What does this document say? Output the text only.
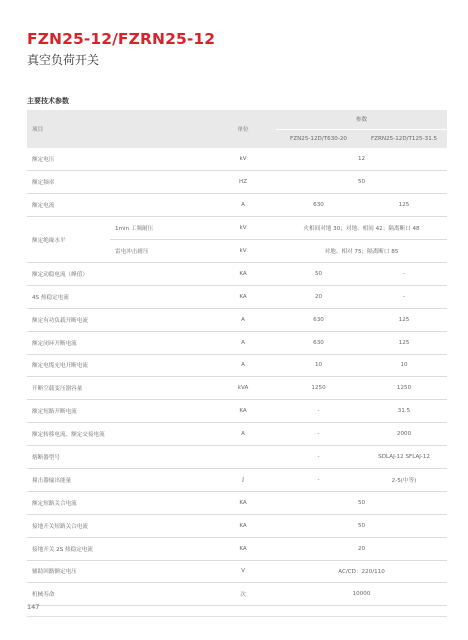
FZN25-12/FZRN25-12
真空负荷开关
主要技术参数
项目		单位	参数	
			FZN25-12D/T630-20	FZRN25-12D/T125-31.5
额定电压		kV	12	
额定频率		HZ	50	
额定电流		A	630	125
额定绝缘水平	1min 工频耐压	kV	火相间对地 30；对地、相间 42；隔离断口 48	
	雷电冲击耐压	kV	对地、相对 75；隔离断口 85	
额定动稳电流（峰值）		KA	50	-
4S 热稳定电流		KA	20	-
额定有功负载开断电流		A	630	125
额定闭环开断电流		A	630	125
额定电缆充电开断电流		A	10	10
开断空载变压器容量		kVA	1250	1250
额定短路开断电流		KA	-	31.5
额定转移电流、额定交接电流		A	-	2000
熔断器型号			-	SDLAJ-12 SFLAJ-12
撞击器输出能量		J	-	2-5(中等)
额定短路关合电流		KA	50	
接地开关短路关合电流		KA	50	
接地开关 2S 热稳定电流		KA	20	
辅助回路额定电压		V	AC/CD：220/110	
机械寿命		次	10000	
147
